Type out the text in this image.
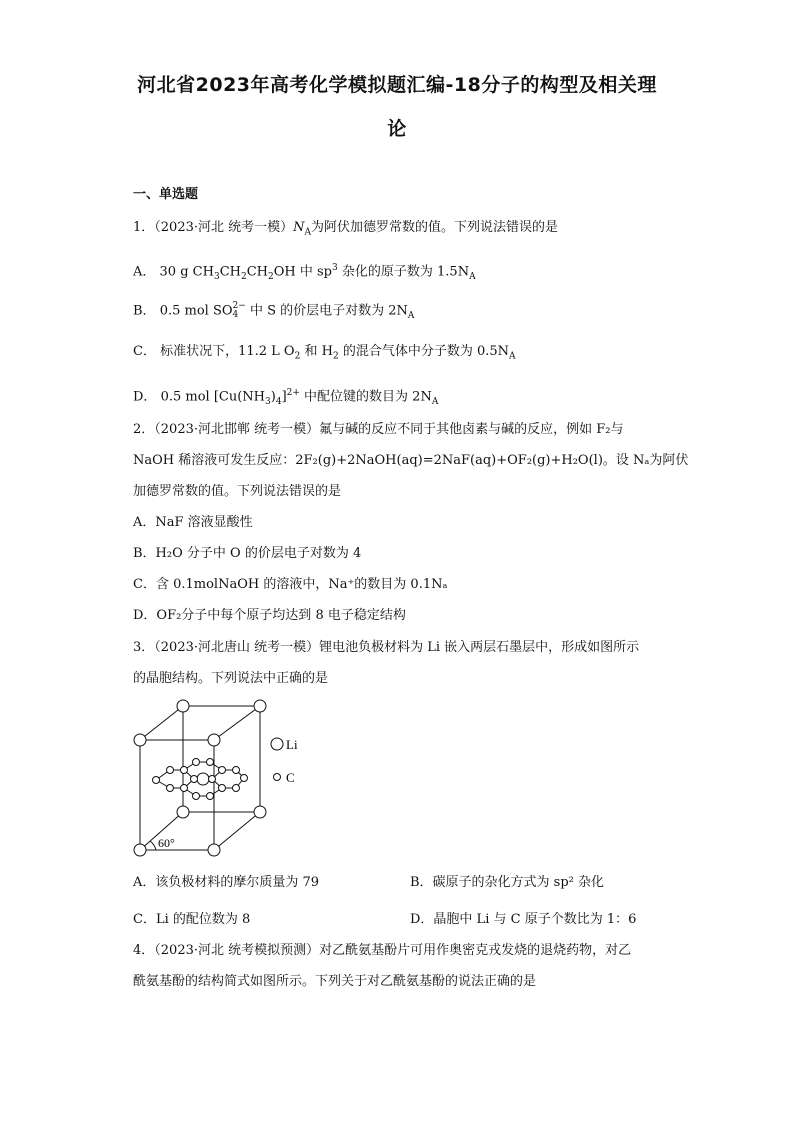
河北省2023年高考化学模拟题汇编-18分子的构型及相关理
论
一、单选题
1．（2023·河北 统考一模）$N_A$为阿伏加德罗常数的值。下列说法错误的是
A． 30 g $CH_3CH_2CH_2OH$ 中 $sp^3$ 杂化的原子数为 $1.5N_A$
B． 0.5 mol SO 2−
4 中 S 的价层电子对数为 $2N_A$
C． 标准状况下，11.2 L $O_2$ 和 $H_2$ 的混合气体中分子数为 $0.5N_A$
D． 0.5 mol $[Cu(NH_3)_4]^{2+}$ 中配位键的数目为 $2N_A$
2．（2023·河北邯郸 统考一模）氟与碱的反应不同于其他卤素与碱的反应，例如 F₂与
NaOH 稀溶液可发生反应：2F₂(g)+2NaOH(aq)=2NaF(aq)+OF₂(g)+H₂O(l)。设 Nₐ为阿伏
加德罗常数的值。下列说法错误的是
A．NaF 溶液显酸性
B．H₂O 分子中 O 的价层电子对数为 4
C．含 0.1molNaOH 的溶液中，Na⁺的数目为 0.1Nₐ
D．OF₂分子中每个原子均达到 8 电子稳定结构
3．（2023·河北唐山 统考一模）锂电池负极材料为 Li 嵌入两层石墨层中，形成如图所示
的晶胞结构。下列说法中正确的是
Li
C
60°
A．该负极材料的摩尔质量为 79	B．碳原子的杂化方式为 sp² 杂化
C．Li 的配位数为 8	D．晶胞中 Li 与 C 原子个数比为 1：6
4．（2023·河北 统考模拟预测）对乙酰氨基酚片可用作奥密克戎发烧的退烧药物，对乙
酰氨基酚的结构简式如图所示。下列关于对乙酰氨基酚的说法正确的是
